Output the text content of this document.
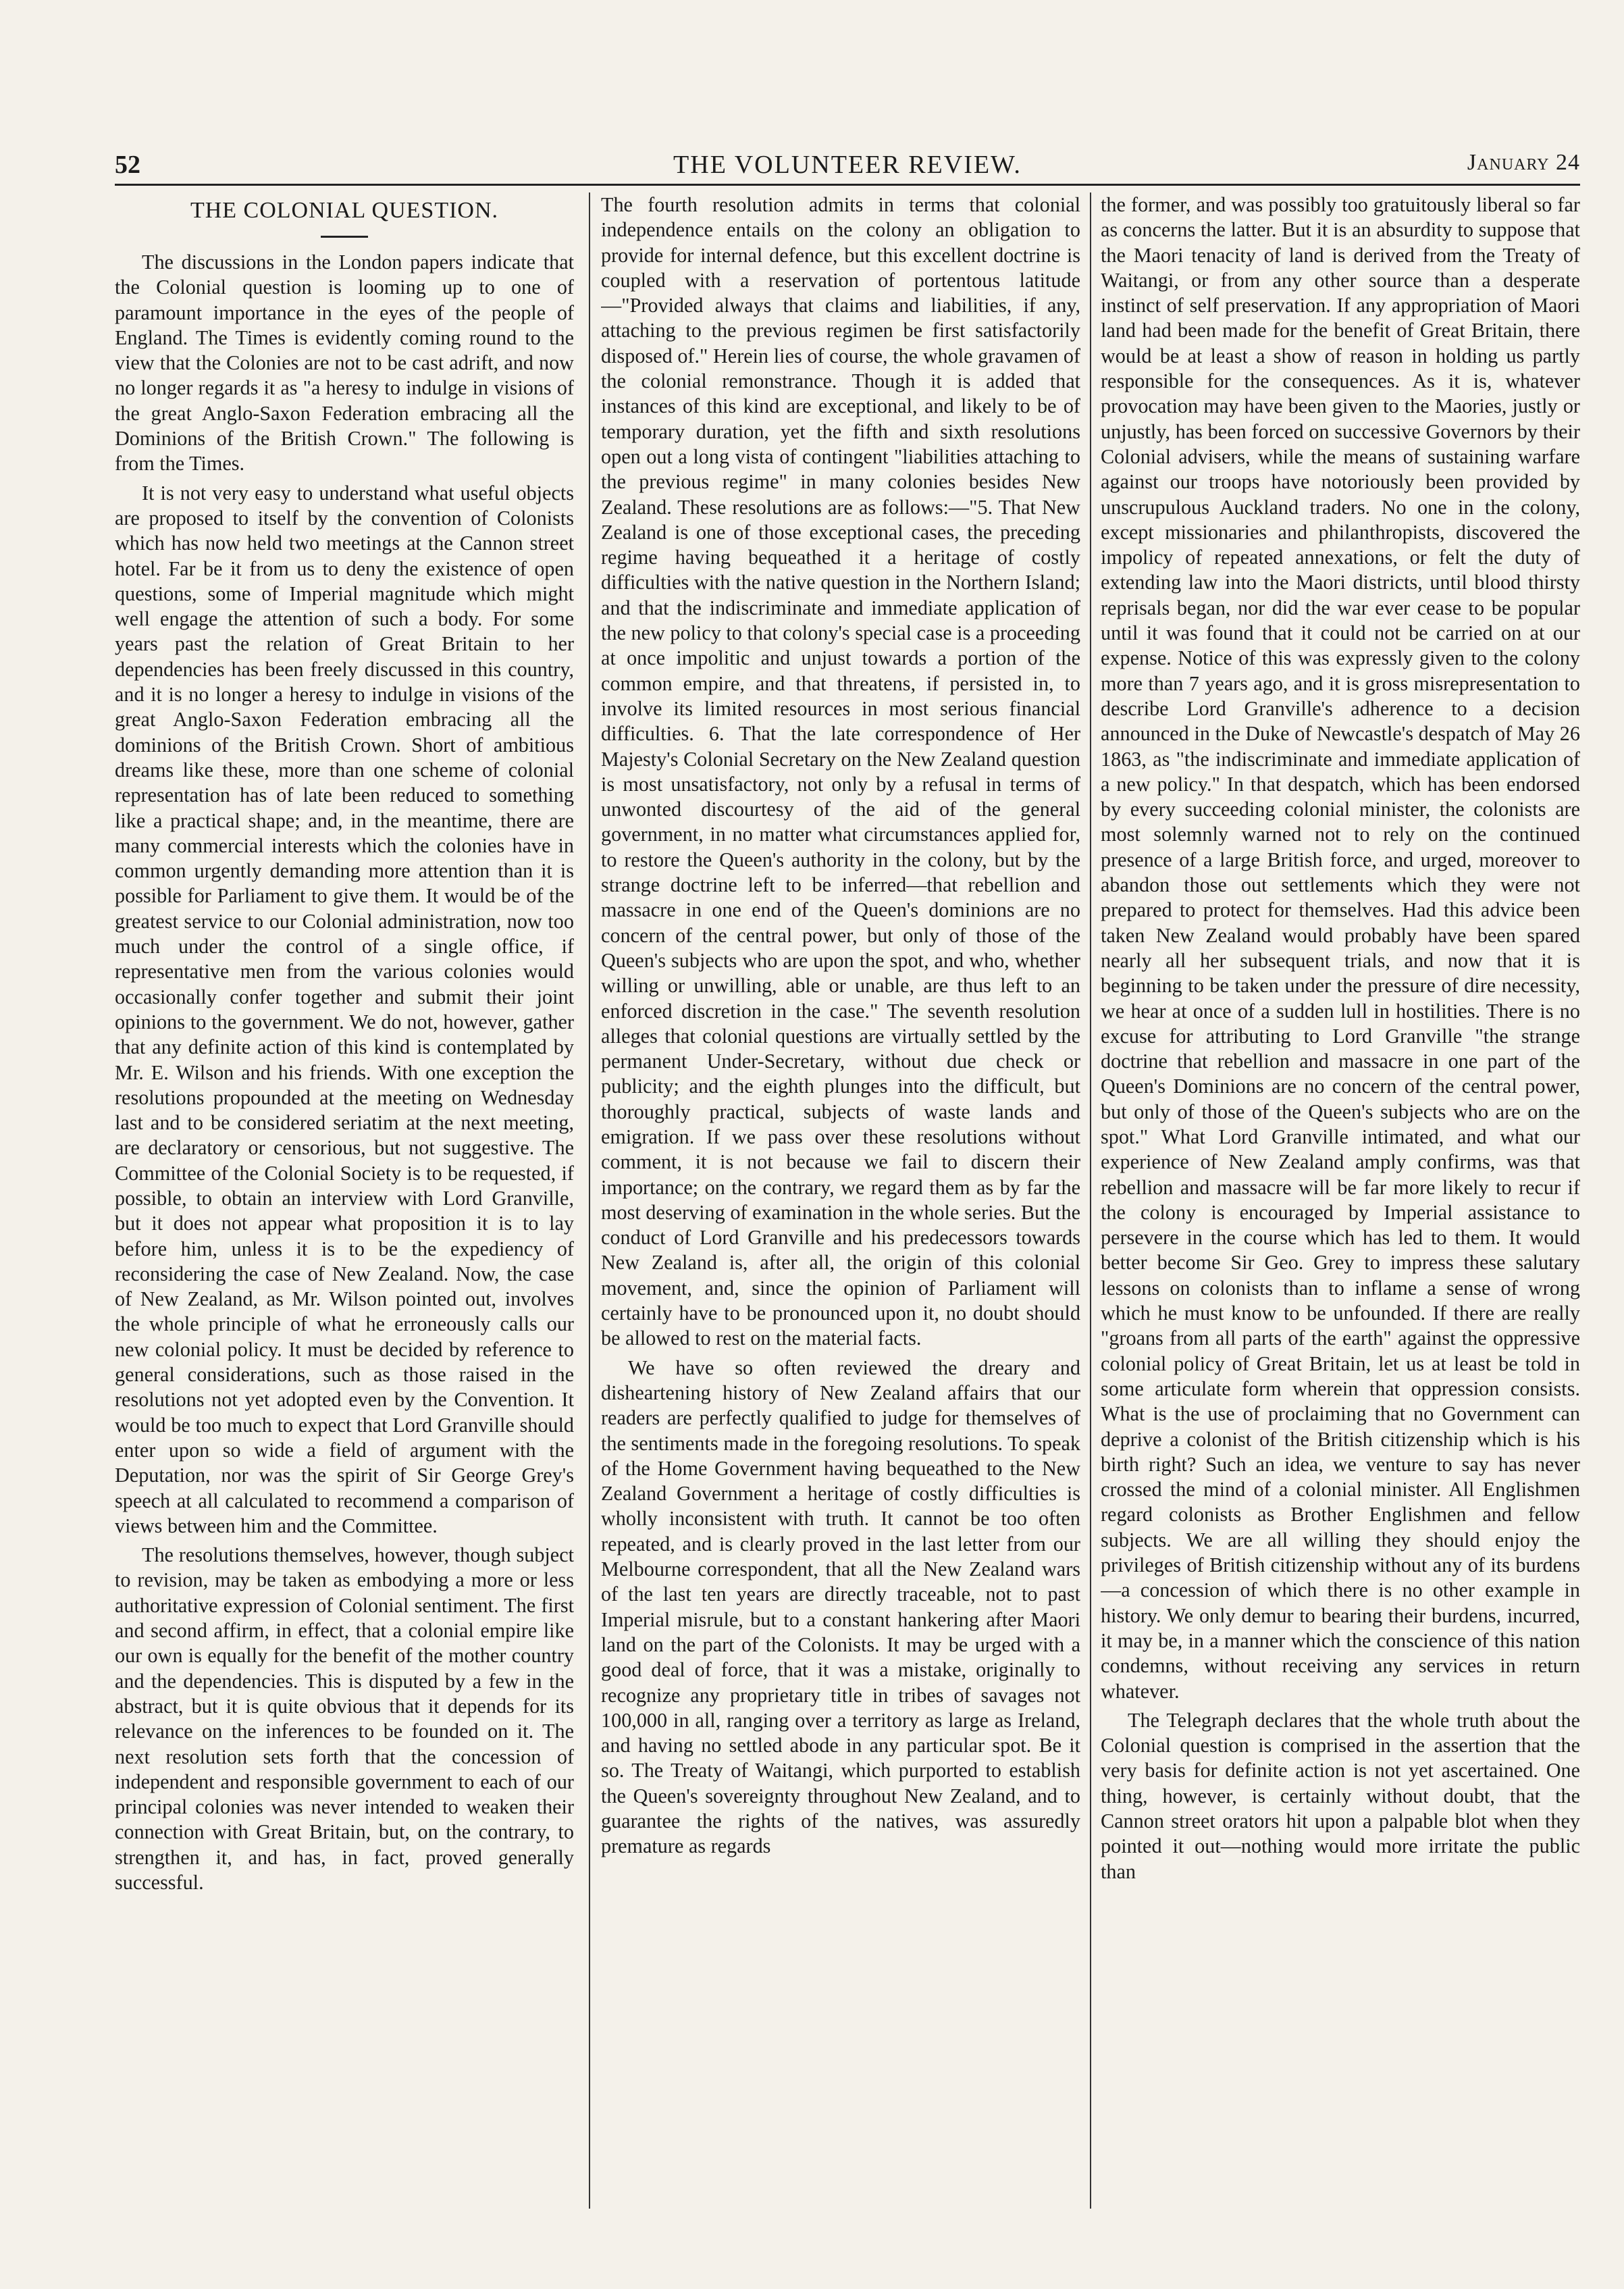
THE VOLUNTEER REVIEW.
52	January 24
THE COLONIAL QUESTION.

The discussions in the London papers indicate that the Colonial question is looming up to one of paramount importance in the eyes of the people of England. The Times is evidently coming round to the view that the Colonies are not to be cast adrift, and now no longer regards it as "a heresy to indulge in visions of the great Anglo-Saxon Federation embracing all the Dominions of the British Crown." The following is from the Times.

It is not very easy to understand what useful objects are proposed to itself by the convention of Colonists which has now held two meetings at the Cannon street hotel. Far be it from us to deny the existence of open questions, some of Imperial magnitude which might well engage the attention of such a body. For some years past the relation of Great Britain to her dependencies has been freely discussed in this country, and it is no longer a heresy to indulge in visions of the great Anglo-Saxon Federation embracing all the dominions of the British Crown. Short of ambitious dreams like these, more than one scheme of colonial representation has of late been reduced to something like a practical shape; and, in the meantime, there are many commercial interests which the colonies have in common urgently demanding more attention than it is possible for Parliament to give them. It would be of the greatest service to our Colonial administration, now too much under the control of a single office, if representative men from the various colonies would occasionally confer together and submit their joint opinions to the government. We do not, however, gather that any definite action of this kind is contemplated by Mr. E. Wilson and his friends. With one exception the resolutions propounded at the meeting on Wednesday last and to be considered seriatim at the next meeting, are declaratory or censorious, but not suggestive. The Committee of the Colonial Society is to be requested, if possible, to obtain an interview with Lord Granville, but it does not appear what proposition it is to lay before him, unless it is to be the expediency of reconsidering the case of New Zealand. Now, the case of New Zealand, as Mr. Wilson pointed out, involves the whole principle of what he erroneously calls our new colonial policy. It must be decided by reference to general considerations, such as those raised in the resolutions not yet adopted even by the Convention. It would be too much to expect that Lord Granville should enter upon so wide a field of argument with the Deputation, nor was the spirit of Sir George Grey's speech at all calculated to recommend a comparison of views between him and the Committee.

The resolutions themselves, however, though subject to revision, may be taken as embodying a more or less authoritative expression of Colonial sentiment. The first and second affirm, in effect, that a colonial empire like our own is equally for the benefit of the mother country and the dependencies. This is disputed by a few in the abstract, but it is quite obvious that it depends for its relevance on the inferences to be founded on it. The next resolution sets forth that the concession of independent and responsible government to each of our principal colonies was never intended to weaken their connection with Great Britain, but, on the contrary, to strengthen it, and has, in fact, proved generally successful.

The fourth resolution admits in terms that colonial independence entails on the colony an obligation to provide for internal defence, but this excellent doctrine is coupled with a reservation of portentous latitude—"Provided always that claims and liabilities, if any, attaching to the previous regimen be first satisfactorily disposed of." Herein lies of course, the whole gravamen of the colonial remonstrance. Though it is added that instances of this kind are exceptional, and likely to be of temporary duration, yet the fifth and sixth resolutions open out a long vista of contingent "liabilities attaching to the previous regime" in many colonies besides New Zealand. These resolutions are as follows:—"5. That New Zealand is one of those exceptional cases, the preceding regime having bequeathed it a heritage of costly difficulties with the native question in the Northern Island; and that the indiscriminate and immediate application of the new policy to that colony's special case is a proceeding at once impolitic and unjust towards a portion of the common empire, and that threatens, if persisted in, to involve its limited resources in most serious financial difficulties. 6. That the late correspondence of Her Majesty's Colonial Secretary on the New Zealand question is most unsatisfactory, not only by a refusal in terms of unwonted discourtesy of the aid of the general government, in no matter what circumstances applied for, to restore the Queen's authority in the colony, but by the strange doctrine left to be inferred—that rebellion and massacre in one end of the Queen's dominions are no concern of the central power, but only of those of the Queen's subjects who are upon the spot, and who, whether willing or unwilling, able or unable, are thus left to an enforced discretion in the case." The seventh resolution alleges that colonial questions are virtually settled by the permanent Under-Secretary, without due check or publicity; and the eighth plunges into the difficult, but thoroughly practical, subjects of waste lands and emigration. If we pass over these resolutions without comment, it is not because we fail to discern their importance; on the contrary, we regard them as by far the most deserving of examination in the whole series. But the conduct of Lord Granville and his predecessors towards New Zealand is, after all, the origin of this colonial movement, and, since the opinion of Parliament will certainly have to be pronounced upon it, no doubt should be allowed to rest on the material facts.

We have so often reviewed the dreary and disheartening history of New Zealand affairs that our readers are perfectly qualified to judge for themselves of the sentiments made in the foregoing resolutions. To speak of the Home Government having bequeathed to the New Zealand Government a heritage of costly difficulties is wholly inconsistent with truth. It cannot be too often repeated, and is clearly proved in the last letter from our Melbourne correspondent, that all the New Zealand wars of the last ten years are directly traceable, not to past Imperial misrule, but to a constant hankering after Maori land on the part of the Colonists. It may be urged with a good deal of force, that it was a mistake, originally to recognize any proprietary title in tribes of savages not 100,000 in all, ranging over a territory as large as Ireland, and having no settled abode in any particular spot. Be it so. The Treaty of Waitangi, which purported to establish the Queen's sovereignty throughout New Zealand, and to guarantee the rights of the natives, was assuredly premature as regards

the former, and was possibly too gratuitously liberal so far as concerns the latter. But it is an absurdity to suppose that the Maori tenacity of land is derived from the Treaty of Waitangi, or from any other source than a desperate instinct of self preservation. If any appropriation of Maori land had been made for the benefit of Great Britain, there would be at least a show of reason in holding us partly responsible for the consequences. As it is, whatever provocation may have been given to the Maories, justly or unjustly, has been forced on successive Governors by their Colonial advisers, while the means of sustaining warfare against our troops have notoriously been provided by unscrupulous Auckland traders. No one in the colony, except missionaries and philanthropists, discovered the impolicy of repeated annexations, or felt the duty of extending law into the Maori districts, until blood thirsty reprisals began, nor did the war ever cease to be popular until it was found that it could not be carried on at our expense. Notice of this was expressly given to the colony more than 7 years ago, and it is gross misrepresentation to describe Lord Granville's adherence to a decision announced in the Duke of Newcastle's despatch of May 26 1863, as "the indiscriminate and immediate application of a new policy." In that despatch, which has been endorsed by every succeeding colonial minister, the colonists are most solemnly warned not to rely on the continued presence of a large British force, and urged, moreover to abandon those out settlements which they were not prepared to protect for themselves. Had this advice been taken New Zealand would probably have been spared nearly all her subsequent trials, and now that it is beginning to be taken under the pressure of dire necessity, we hear at once of a sudden lull in hostilities. There is no excuse for attributing to Lord Granville "the strange doctrine that rebellion and massacre in one part of the Queen's Dominions are no concern of the central power, but only of those of the Queen's subjects who are on the spot." What Lord Granville intimated, and what our experience of New Zealand amply confirms, was that rebellion and massacre will be far more likely to recur if the colony is encouraged by Imperial assistance to persevere in the course which has led to them. It would better become Sir Geo. Grey to impress these salutary lessons on colonists than to inflame a sense of wrong which he must know to be unfounded. If there are really "groans from all parts of the earth" against the oppressive colonial policy of Great Britain, let us at least be told in some articulate form wherein that oppression consists. What is the use of proclaiming that no Government can deprive a colonist of the British citizenship which is his birth right? Such an idea, we venture to say has never crossed the mind of a colonial minister. All Englishmen regard colonists as Brother Englishmen and fellow subjects. We are all willing they should enjoy the privileges of British citizenship without any of its burdens—a concession of which there is no other example in history. We only demur to bearing their burdens, incurred, it may be, in a manner which the conscience of this nation condemns, without receiving any services in return whatever.

The Telegraph declares that the whole truth about the Colonial question is comprised in the assertion that the very basis for definite action is not yet ascertained. One thing, however, is certainly without doubt, that the Cannon street orators hit upon a palpable blot when they pointed it out—nothing would more irritate the public than
